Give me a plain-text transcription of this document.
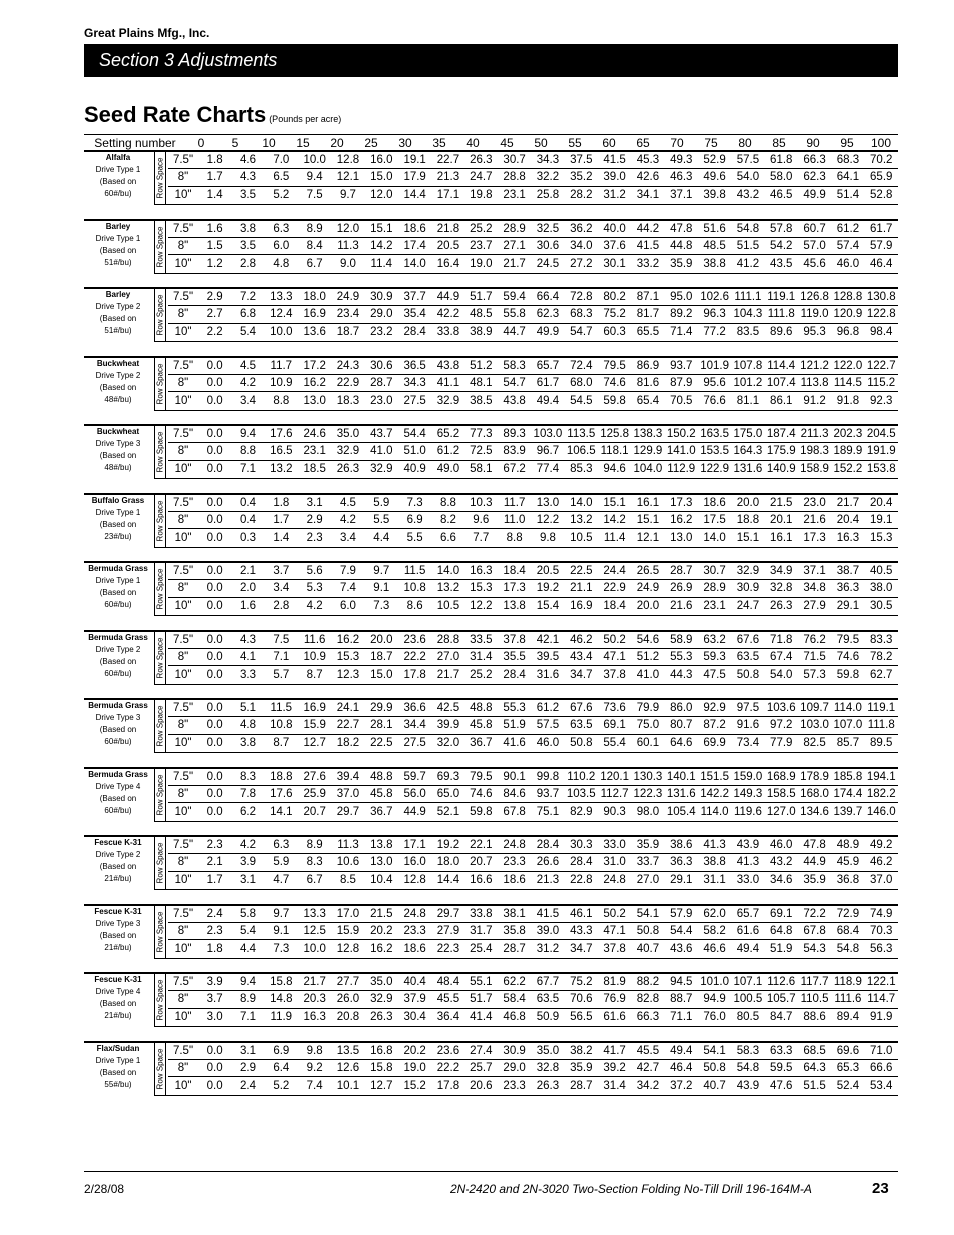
Great Plains Mfg., Inc.
Section 3 Adjustments
Seed Rate Charts (Pounds per acre)
Setting number	0	5	10	15	20	25	30	35	40	45	50	55	60	65	70	75	80	85	90	95	100
Alfalfa
Drive Type 1
(Based on
60#/bu)	Row Space 7.5"	1.8	4.6	7.0	10.0 12.8 16.0 19.1 22.7 26.3 30.7 34.3 37.5 41.5 45.3 49.3 52.9 57.5 61.8 66.3 68.3 70.2
8"	1.7	4.3	6.5	9.4	12.1 15.0 17.9 21.3 24.7 28.8 32.2 35.2 39.0 42.6 46.3 49.6 54.0 58.0 62.3 64.1 65.9
10"	1.4	3.5	5.2	7.5	9.7	12.0 14.4 17.1 19.8 23.1 25.8 28.2 31.2 34.1 37.1 39.8 43.2 46.5 49.9 51.4 52.8
Barley
Drive Type 1
(Based on
51#/bu)	Row Space 7.5"	1.6	3.8	6.3	8.9	12.0 15.1 18.6 21.8 25.2 28.9 32.5 36.2 40.0 44.2 47.8 51.6 54.8 57.8 60.7 61.2 61.7
8"	1.5	3.5	6.0	8.4	11.3 14.2 17.4 20.5 23.7 27.1 30.6 34.0 37.6 41.5 44.8 48.5 51.5 54.2 57.0 57.4 57.9
10"	1.2	2.8	4.8	6.7	9.0	11.4 14.0 16.4 19.0 21.7 24.5 27.2 30.1 33.2 35.9 38.8 41.2 43.5 45.6 46.0 46.4
Barley
Drive Type 2
(Based on
51#/bu)	Row Space 7.5"	2.9	7.2	13.3 18.0 24.9 30.9 37.7 44.9 51.7 59.4 66.4 72.8 80.2 87.1 95.0 102.6 111.1 119.1 126.8 128.8 130.8
8"	2.7	6.8	12.4 16.9 23.4 29.0 35.4 42.2 48.5 55.8 62.3 68.3 75.2 81.7 89.2 96.3 104.3 111.8 119.0 120.9 122.8
10"	2.2	5.4	10.0 13.6 18.7 23.2 28.4 33.8 38.9 44.7 49.9 54.7 60.3 65.5 71.4 77.2 83.5 89.6 95.3 96.8 98.4
Buckwheat
Drive Type 2
(Based on
48#/bu)	Row Space 7.5"	0.0	4.5	11.7 17.2 24.3 30.6 36.5 43.8 51.2 58.3 65.7 72.4 79.5 86.9 93.7 101.9 107.8 114.4 121.2 122.0 122.7
8"	0.0	4.2	10.9 16.2 22.9 28.7 34.3 41.1 48.1 54.7 61.7 68.0 74.6 81.6 87.9 95.6 101.2 107.4 113.8 114.5 115.2
10"	0.0	3.4	8.8	13.0 18.3 23.0 27.5 32.9 38.5 43.8 49.4 54.5 59.8 65.4 70.5 76.6 81.1 86.1 91.2 91.8 92.3
Buckwheat
Drive Type 3
(Based on
48#/bu)	Row Space 7.5"	0.0	9.4	17.6 24.6 35.0 43.7 54.4 65.2 77.3 89.3 103.0 113.5 125.8 138.3 150.2 163.5 175.0 187.4 211.3 202.3 204.5
8"	0.0	8.8	16.5 23.1 32.9 41.0 51.0 61.2 72.5 83.9 96.7 106.5 118.1 129.9 141.0 153.5 164.3 175.9 198.3 189.9 191.9
10"	0.0	7.1	13.2 18.5 26.3 32.9 40.9 49.0 58.1 67.2 77.4 85.3 94.6 104.0 112.9 122.9 131.6 140.9 158.9 152.2 153.8
Buffalo Grass
Drive Type 1
(Based on
23#/bu)	Row Space 7.5"	0.0	0.4	1.8	3.1	4.5	5.9	7.3	8.8	10.3 11.7 13.0 14.0 15.1 16.1 17.3 18.6 20.0 21.5 23.0 21.7 20.4
8"	0.0	0.4	1.7	2.9	4.2	5.5	6.9	8.2	9.6	11.0 12.2 13.2 14.2 15.1 16.2 17.5 18.8 20.1 21.6 20.4 19.1
10"	0.0	0.3	1.4	2.3	3.4	4.4	5.5	6.6	7.7	8.8	9.8	10.5 11.4 12.1 13.0 14.0 15.1 16.1 17.3 16.3 15.3
Bermuda Grass
Drive Type 1
(Based on
60#/bu)	Row Space 7.5"	0.0	2.1	3.7	5.6	7.9	9.7	11.5 14.0 16.3 18.4 20.5 22.5 24.4 26.5 28.7 30.7 32.9 34.9 37.1 38.7 40.5
8"	0.0	2.0	3.4	5.3	7.4	9.1	10.8 13.2 15.3 17.3 19.2 21.1 22.9 24.9 26.9 28.9 30.9 32.8 34.8 36.3 38.0
10"	0.0	1.6	2.8	4.2	6.0	7.3	8.6	10.5 12.2 13.8 15.4 16.9 18.4 20.0 21.6 23.1 24.7 26.3 27.9 29.1 30.5
Bermuda Grass
Drive Type 2
(Based on
60#/bu)	Row Space 7.5"	0.0	4.3	7.5	11.6 16.2 20.0 23.6 28.8 33.5 37.8 42.1 46.2 50.2 54.6 58.9 63.2 67.6 71.8 76.2 79.5 83.3
8"	0.0	4.1	7.1	10.9 15.3 18.7 22.2 27.0 31.4 35.5 39.5 43.4 47.1 51.2 55.3 59.3 63.5 67.4 71.5 74.6 78.2
10"	0.0	3.3	5.7	8.7	12.3 15.0 17.8 21.7 25.2 28.4 31.6 34.7 37.8 41.0 44.3 47.5 50.8 54.0 57.3 59.8 62.7
Bermuda Grass
Drive Type 3
(Based on
60#/bu)	Row Space 7.5"	0.0	5.1	11.5 16.9 24.1 29.9 36.6 42.5 48.8 55.3 61.2 67.6 73.6 79.9 86.0 92.9 97.5 103.6 109.7 114.0 119.1
8"	0.0	4.8	10.8 15.9 22.7 28.1 34.4 39.9 45.8 51.9 57.5 63.5 69.1 75.0 80.7 87.2 91.6 97.2 103.0 107.0 111.8
10"	0.0	3.8	8.7	12.7 18.2 22.5 27.5 32.0 36.7 41.6 46.0 50.8 55.4 60.1 64.6 69.9 73.4 77.9 82.5 85.7 89.5
Bermuda Grass
Drive Type 4
(Based on
60#/bu)	Row Space 7.5"	0.0	8.3	18.8 27.6 39.4 48.8 59.7 69.3 79.5 90.1 99.8 110.2 120.1 130.3 140.1 151.5 159.0 168.9 178.9 185.8 194.1
8"	0.0	7.8	17.6 25.9 37.0 45.8 56.0 65.0 74.6 84.6 93.7 103.5 112.7 122.3 131.6 142.2 149.3 158.5 168.0 174.4 182.2
10"	0.0	6.2	14.1 20.7 29.7 36.7 44.9 52.1 59.8 67.8 75.1 82.9 90.3 98.0 105.4 114.0 119.6 127.0 134.6 139.7 146.0
Fescue K-31
Drive Type 2
(Based on
21#/bu)	Row Space 7.5"	2.3	4.2	6.3	8.9	11.3 13.8 17.1 19.2 22.1 24.8 28.4 30.3 33.0 35.9 38.6 41.3 43.9 46.0 47.8 48.9 49.2
8"	2.1	3.9	5.9	8.3	10.6 13.0 16.0 18.0 20.7 23.3 26.6 28.4 31.0 33.7 36.3 38.8 41.3 43.2 44.9 45.9 46.2
10"	1.7	3.1	4.7	6.7	8.5	10.4 12.8 14.4 16.6 18.6 21.3 22.8 24.8 27.0 29.1 31.1 33.0 34.6 35.9 36.8 37.0
Fescue K-31
Drive Type 3
(Based on
21#/bu)	Row Space 7.5"	2.4	5.8	9.7	13.3 17.0 21.5 24.8 29.7 33.8 38.1 41.5 46.1 50.2 54.1 57.9 62.0 65.7 69.1 72.2 72.9 74.9
8"	2.3	5.4	9.1	12.5 15.9 20.2 23.3 27.9 31.7 35.8 39.0 43.3 47.1 50.8 54.4 58.2 61.6 64.8 67.8 68.4 70.3
10"	1.8	4.4	7.3	10.0 12.8 16.2 18.6 22.3 25.4 28.7 31.2 34.7 37.8 40.7 43.6 46.6 49.4 51.9 54.3 54.8 56.3
Fescue K-31
Drive Type 4
(Based on
21#/bu)	Row Space 7.5"	3.9	9.4	15.8 21.7 27.7 35.0 40.4 48.4 55.1 62.2 67.7 75.2 81.9 88.2 94.5 101.0 107.1 112.6 117.7 118.9 122.1
8"	3.7	8.9	14.8 20.3 26.0 32.9 37.9 45.5 51.7 58.4 63.5 70.6 76.9 82.8 88.7 94.9 100.5 105.7 110.5 111.6 114.7
10"	3.0	7.1	11.9 16.3 20.8 26.3 30.4 36.4 41.4 46.8 50.9 56.5 61.6 66.3 71.1 76.0 80.5 84.7 88.6 89.4 91.9
Flax/Sudan
Drive Type 1
(Based on
55#/bu)	Row Space 7.5"	0.0	3.1	6.9	9.8	13.5 16.8 20.2 23.6 27.4 30.9 35.0 38.2 41.7 45.5 49.4 54.1 58.3 63.3 68.5 69.6 71.0
8"	0.0	2.9	6.4	9.2	12.6 15.8 19.0 22.2 25.7 29.0 32.8 35.9 39.2 42.7 46.4 50.8 54.8 59.5 64.3 65.3 66.6
10"	0.0	2.4	5.2	7.4	10.1 12.7 15.2 17.8 20.6 23.3 26.3 28.7 31.4 34.2 37.2 40.7 43.9 47.6 51.5 52.4 53.4
2/28/08	2N-2420 and 2N-3020 Two-Section Folding No-Till Drill 196-164M-A	23
